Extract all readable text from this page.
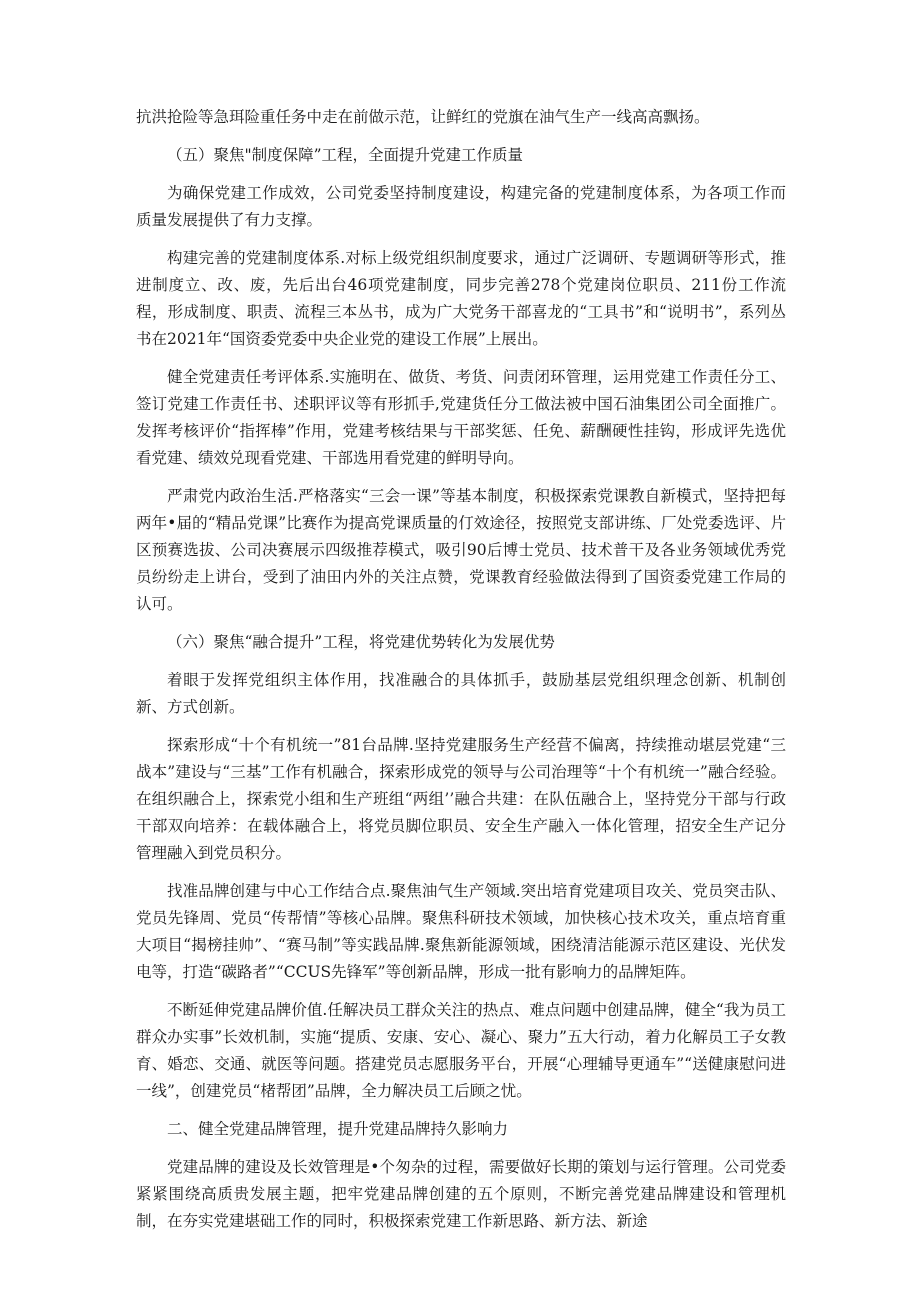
抗洪抢险等急珥险重任务中走在前做示范，让鲜红的党旗在油气生产一线高高飘扬。

（五）聚焦"制度保障”工程，全面提升党建工作质量

为确保党建工作成效，公司党委坚持制度建设，构建完备的党建制度体系，为各项工作而质量发展提供了有力支撑。

构建完善的党建制度体系.对标上级党组织制度要求，通过广泛调研、专题调研等形式，推进制度立、改、废，先后出台46项党建制度，同步完善278个党建岗位职员、211份工作流程，形成制度、职责、流程三本丛书，成为广大党务干部喜龙的“工具书”和“说明书”，系列丛书在2021年“国资委党委中央企业党的建设工作展”上展出。

健全党建责任考评体系.实施明在、做货、考货、问责闭环管理，运用党建工作责任分工、签订党建工作责任书、述职评议等有形抓手,党建货任分工做法被中国石油集团公司全面推广。发挥考核评价“指挥棒”作用，党建考核结果与干部奖惩、任免、薪酬硬性挂钩，形成评先选优看党建、绩效兑现看党建、干部选用看党建的鲜明导向。

严肃党内政治生活.严格落实“三会一课”等基本制度，积极探索党课教自新模式，坚持把每两年•届的“精品党课”比赛作为提高党课质量的仃效途径，按照党支部讲练、厂处党委选评、片区预赛选拔、公司决赛展示四级推荐模式，吸引90后博士党员、技术普干及各业务领域优秀党员纷纷走上讲台，受到了油田内外的关注点赞，党课教育经验做法得到了国资委党建工作局的认可。

（六）聚焦“融合提升”工程，将党建优势转化为发展优势

着眼于发挥党组织主体作用，找准融合的具体抓手，鼓励基层党组织理念创新、机制创新、方式创新。

探索形成“十个有机统一”81台品牌.坚持党建服务生产经营不偏离，持续推动堪层党建“三战本”建设与“三基”工作有机融合，探索形成党的领导与公司治理等“十个有机统一”融合经验。在组织融合上，探索党小组和生产班组“两组’’融合共建：在队伍融合上，坚持党分干部与行政干部双向培养：在载体融合上，将党员脚位职员、安全生产融入一体化管理，招安全生产记分管理融入到党员积分。

找准品牌创建与中心工作结合点.聚焦油气生产领域.突出培育党建项目攻关、党员突击队、党员先锋周、党员“传帮情”等核心品牌。聚焦科研技术领域，加快核心技术攻关，重点培育重大项目“揭榜挂帅”、“赛马制”等实践品牌.聚焦新能源领域，困绕清洁能源示范区建设、光伏发电等，打造“碳路者”“CCUS先锋军”等创新品牌，形成一批有影响力的品牌矩阵。

不断延伸党建品牌价值.任解决员工群众关注的热点、难点问题中创建品牌，健全“我为员工群众办实事”长效机制，实施“提质、安康、安心、凝心、聚力”五大行动，着力化解员工子女教育、婚恋、交通、就医等问题。搭建党员志愿服务平台，开展“心理辅导更通车”“送健康慰问进一线”，创建党员“楮帮团”品牌，全力解决员工后顾之忧。

二、健全党建品牌管理，提升党建品牌持久影响力

党建品牌的建设及长效管理是•个匆杂的过程，需要做好长期的策划与运行管理。公司党委紧紧围绕高质贵发展主题，把牢党建品牌创建的五个原则，不断完善党建品牌建设和管理机制，在夯实党建堪础工作的同时，积极探索党建工作新思路、新方法、新途
